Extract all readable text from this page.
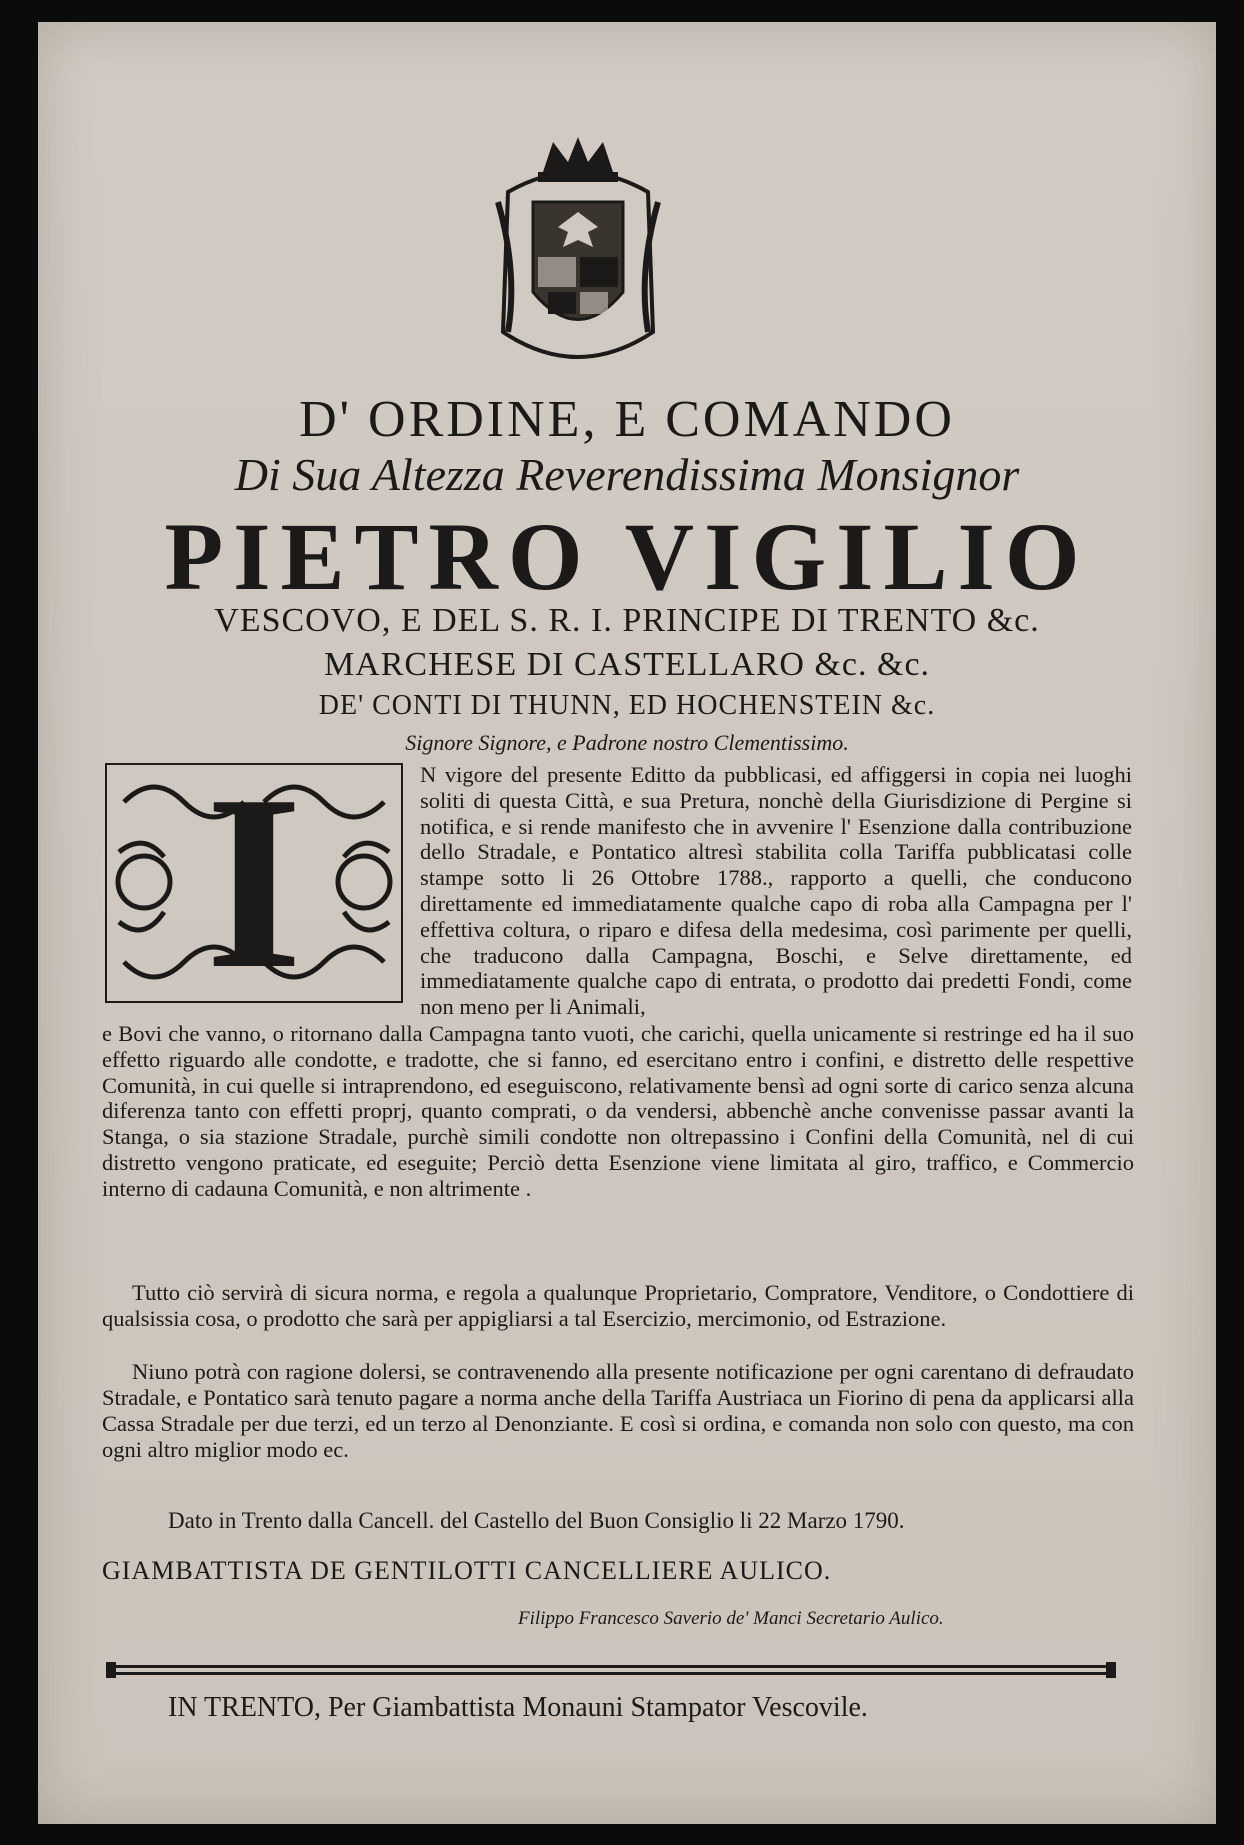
D' ORDINE, E COMANDO
Di Sua Altezza Reverendissima Monsignor
PIETRO VIGILIO
VESCOVO, E DEL S. R. I. PRINCIPE DI TRENTO &c.
MARCHESE DI CASTELLARO &c. &c.
DE' CONTI DI THUNN, ED HOCHENSTEIN &c.
Signore Signore, e Padrone nostro Clementissimo.
I	N vigore del presente Editto da pubblicasi, ed affiggersi in copia nei luoghi soliti di questa Città, e sua Pretura, nonchè della Giurisdizione di Pergine si notifica, e si rende manifesto che in avvenire l' Esenzione dalla contribuzione dello Stradale, e Pontatico altresì stabilita colla Tariffa pubblicatasi colle stampe sotto li 26 Ottobre 1788., rapporto a quelli, che conducono direttamente ed immediatamente qualche capo di roba alla Campagna per l' effettiva coltura, o riparo e difesa della medesima, così parimente per quelli, che traducono dalla Campagna, Boschi, e Selve direttamente, ed immediatamente qualche capo di entrata, o prodotto dai predetti Fondi, come non meno per li Animali,
e Bovi che vanno, o ritornano dalla Campagna tanto vuoti, che carichi, quella unicamente si restringe ed ha il suo effetto riguardo alle condotte, e tradotte, che si fanno, ed esercitano entro i confini, e distretto delle respettive Comunità, in cui quelle si intraprendono, ed eseguiscono, relativamente bensì ad ogni sorte di carico senza alcuna diferenza tanto con effetti proprj, quanto comprati, o da vendersi, abbenchè anche convenisse passar avanti la Stanga, o sia stazione Stradale, purchè simili condotte non oltrepassino i Confini della Comunità, nel di cui distretto vengono praticate, ed eseguite; Perciò detta Esenzione viene limitata al giro, traffico, e Commercio interno di cadauna Comunità, e non altrimente .
Tutto ciò servirà di sicura norma, e regola a qualunque Proprietario, Compratore, Venditore, o Condottiere di qualsissia cosa, o prodotto che sarà per appigliarsi a tal Esercizio, mercimonio, od Estrazione.
Niuno potrà con ragione dolersi, se contravenendo alla presente notificazione per ogni carentano di defraudato Stradale, e Pontatico sarà tenuto pagare a norma anche della Tariffa Austriaca un Fiorino di pena da applicarsi alla Cassa Stradale per due terzi, ed un terzo al Denonziante. E così si ordina, e comanda non solo con questo, ma con ogni altro miglior modo ec.
Dato in Trento dalla Cancell. del Castello del Buon Consiglio li 22 Marzo 1790.
GIAMBATTISTA DE GENTILOTTI CANCELLIERE AULICO.
Filippo Francesco Saverio de' Manci Secretario Aulico.
IN TRENTO, Per Giambattista Monauni Stampator Vescovile.
